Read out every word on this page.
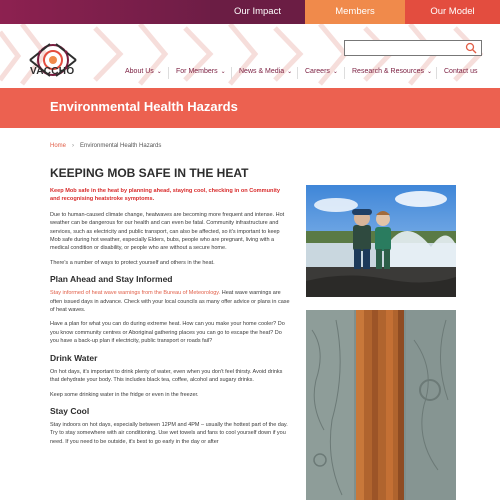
Our Impact	Members	Our Model
VACCHO	About Us ⌄ For Members ⌄ News & Media ⌄ Careers ⌄ Research & Resources ⌄ Contact us
Environmental Health Hazards
Home › Environmental Health Hazards
KEEPING MOB SAFE IN THE HEAT
Keep Mob safe in the heat by planning ahead, staying cool, checking in on Community and recognising heatstroke symptoms.

Due to human-caused climate change, heatwaves are becoming more frequent and intense. Hot weather can be dangerous for our health and can even be fatal. Community infrastructure and services, such as electricity and public transport, can also be affected, so it's important to keep Mob safe during hot weather, especially Elders, bubs, people who are pregnant, living with a medical condition or disability, or people who are without a secure home.

There's a number of ways to protect yourself and others in the heat.

Plan Ahead and Stay Informed

Stay informed of heat wave warnings from the Bureau of Meteorology. Heat wave warnings are often issued days in advance. Check with your local councils as many offer advice or plans in case of heat waves.

Have a plan for what you can do during extreme heat. How can you make your home cooler? Do you know community centres or Aboriginal gathering places you can go to escape the heat? Do you have a back-up plan if electricity, public transport or roads fail?

Drink Water

On hot days, it's important to drink plenty of water, even when you don't feel thirsty. Avoid drinks that dehydrate your body. This includes black tea, coffee, alcohol and sugary drinks.

Keep some drinking water in the fridge or even in the freezer.

Stay Cool

Stay indoors on hot days, especially between 12PM and 4PM – usually the hottest part of the day. Try to stay somewhere with air conditioning. Use wet towels and fans to cool yourself down if you need. If you need to be outside, it's best to go early in the day or after
